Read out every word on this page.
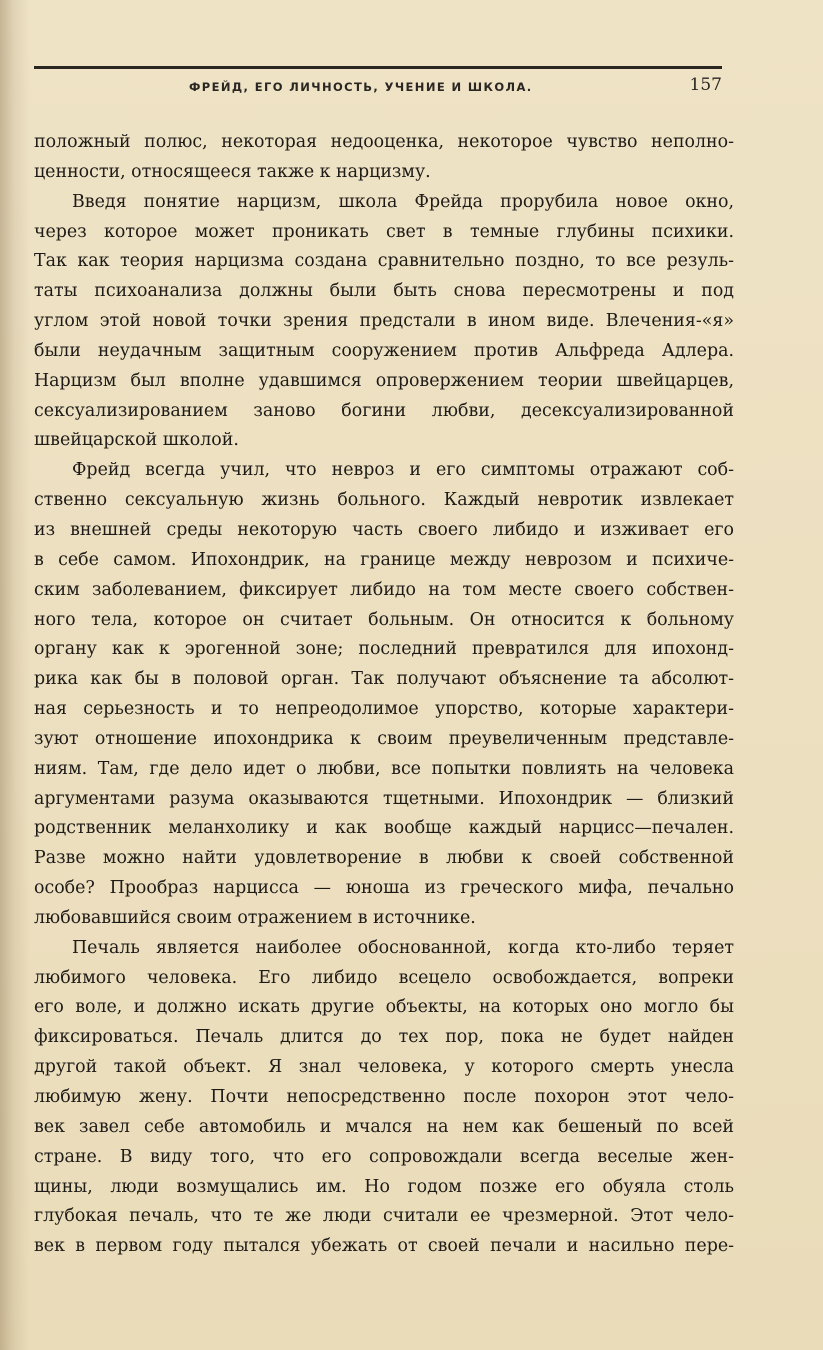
ФРЕЙД, ЕГО ЛИЧНОСТЬ, УЧЕНИЕ И ШКОЛА.	157
положный полюс, некоторая недооценка, некоторое чувство неполно-
ценности, относящееся также к нарцизму.
Введя понятие нарцизм, школа Фрейда прорубила новое окно,
через которое может проникать свет в темные глубины психики.
Так как теория нарцизма создана сравнительно поздно, то все резуль-
таты психоанализа должны были быть снова пересмотрены и под
углом этой новой точки зрения предстали в ином виде. Влечения-«я»
были неудачным защитным сооружением против Альфреда Адлера.
Нарцизм был вполне удавшимся опровержением теории швейцарцев,
сексуализированием заново богини любви, десексуализированной
швейцарской школой.
Фрейд всегда учил, что невроз и его симптомы отражают соб-
ственно сексуальную жизнь больного. Каждый невротик извлекает
из внешней среды некоторую часть своего либидо и изживает его
в себе самом. Ипохондрик, на границе между неврозом и психиче-
ским заболеванием, фиксирует либидо на том месте своего собствен-
ного тела, которое он считает больным. Он относится к больному
органу как к эрогенной зоне; последний превратился для ипохонд-
рика как бы в половой орган. Так получают объяснение та абсолют-
ная серьезность и то непреодолимое упорство, которые характери-
зуют отношение ипохондрика к своим преувеличенным представле-
ниям. Там, где дело идет о любви, все попытки повлиять на человека
аргументами разума оказываются тщетными. Ипохондрик — близкий
родственник меланхолику и как вообще каждый нарцисс—печален.
Разве можно найти удовлетворение в любви к своей собственной
особе? Прообраз нарцисса — юноша из греческого мифа, печально
любовавшийся своим отражением в источнике.
Печаль является наиболее обоснованной, когда кто-либо теряет
любимого человека. Его либидо всецело освобождается, вопреки
его воле, и должно искать другие объекты, на которых оно могло бы
фиксироваться. Печаль длится до тех пор, пока не будет найден
другой такой объект. Я знал человека, у которого смерть унесла
любимую жену. Почти непосредственно после похорон этот чело-
век завел себе автомобиль и мчался на нем как бешеный по всей
стране. В виду того, что его сопровождали всегда веселые жен-
щины, люди возмущались им. Но годом позже его обуяла столь
глубокая печаль, что те же люди считали ее чрезмерной. Этот чело-
век в первом году пытался убежать от своей печали и насильно пере-
